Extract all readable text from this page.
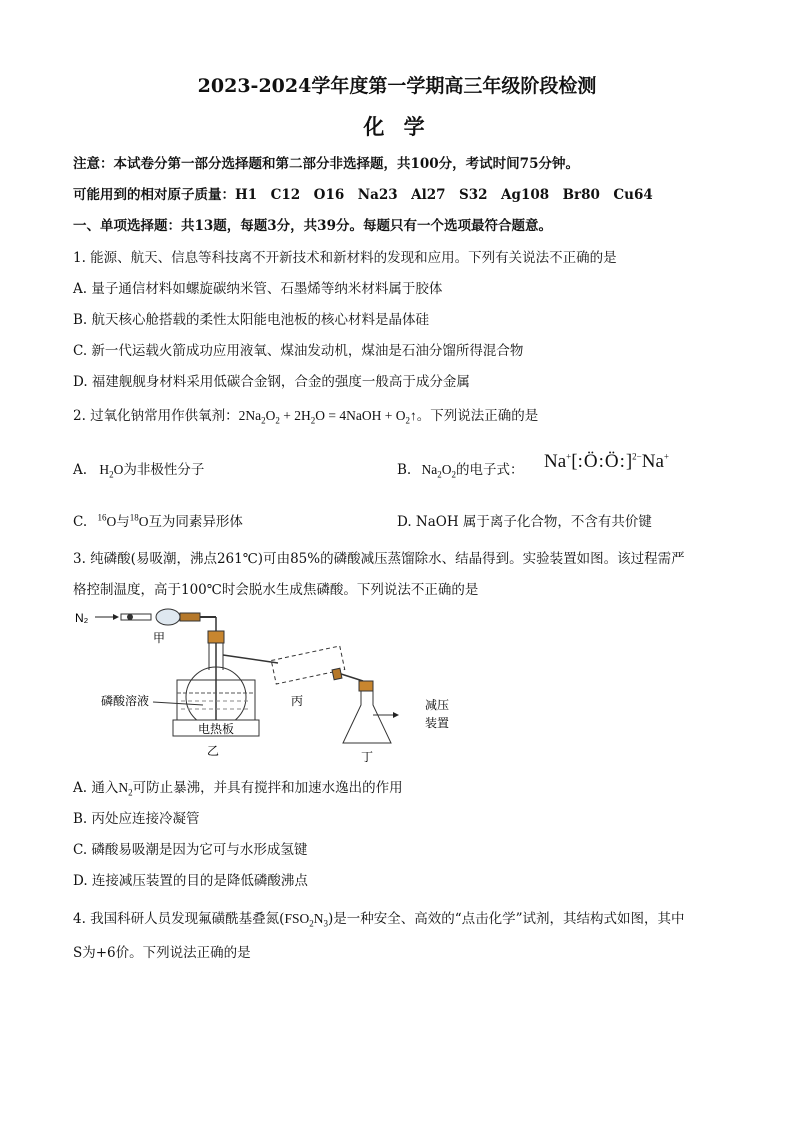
2023-2024学年度第一学期高三年级阶段检测
化 学
注意：本试卷分第一部分选择题和第二部分非选择题，共100分，考试时间75分钟。
可能用到的相对原子质量：H1　C12　O16　Na23　Al27　S32　Ag108　Br80　Cu64
一、单项选择题：共13题，每题3分，共39分。每题只有一个选项最符合题意。
1. 能源、航天、信息等科技离不开新技术和新材料的发现和应用。下列有关说法不正确的是
A. 量子通信材料如螺旋碳纳米管、石墨烯等纳米材料属于胶体
B. 航天核心舱搭载的柔性太阳能电池板的核心材料是晶体硅
C. 新一代运载火箭成功应用液氧、煤油发动机，煤油是石油分馏所得混合物
D. 福建舰舰身材料采用低碳合金钢，合金的强度一般高于成分金属
2. 过氧化钠常用作供氧剂：$2Na_2O_2 + 2H_2O$ = 4NaOH + $O_2↑$。下列说法正确的是
A. $H_2O$为非极性分子	B. $Na_2O_2$的电子式： Na+[:Ö:Ö:]$^{2-}$Na+
C. $^{16}$O与$^{18}$O互为同素异形体	D. NaOH 属于离子化合物，不含有共价键
3. 纯磷酸(易吸潮，沸点261℃)可由85%的磷酸减压蒸馏除水、结晶得到。实验装置如图。该过程需严
格控制温度，高于100℃时会脱水生成焦磷酸。下列说法不正确的是
N₂
甲
电热板
乙
磷酸溶液	丙
丁
减压
装置
A. 通入$N_2$可防止暴沸，并具有搅拌和加速水逸出的作用
B. 丙处应连接冷凝管
C. 磷酸易吸潮是因为它可与水形成氢键
D. 连接减压装置的目的是降低磷酸沸点
4. 我国科研人员发现氟磺酰基叠氮$(FSO_2N_3)$是一种安全、高效的“点击化学”试剂，其结构式如图，其中
S为+6价。下列说法正确的是
